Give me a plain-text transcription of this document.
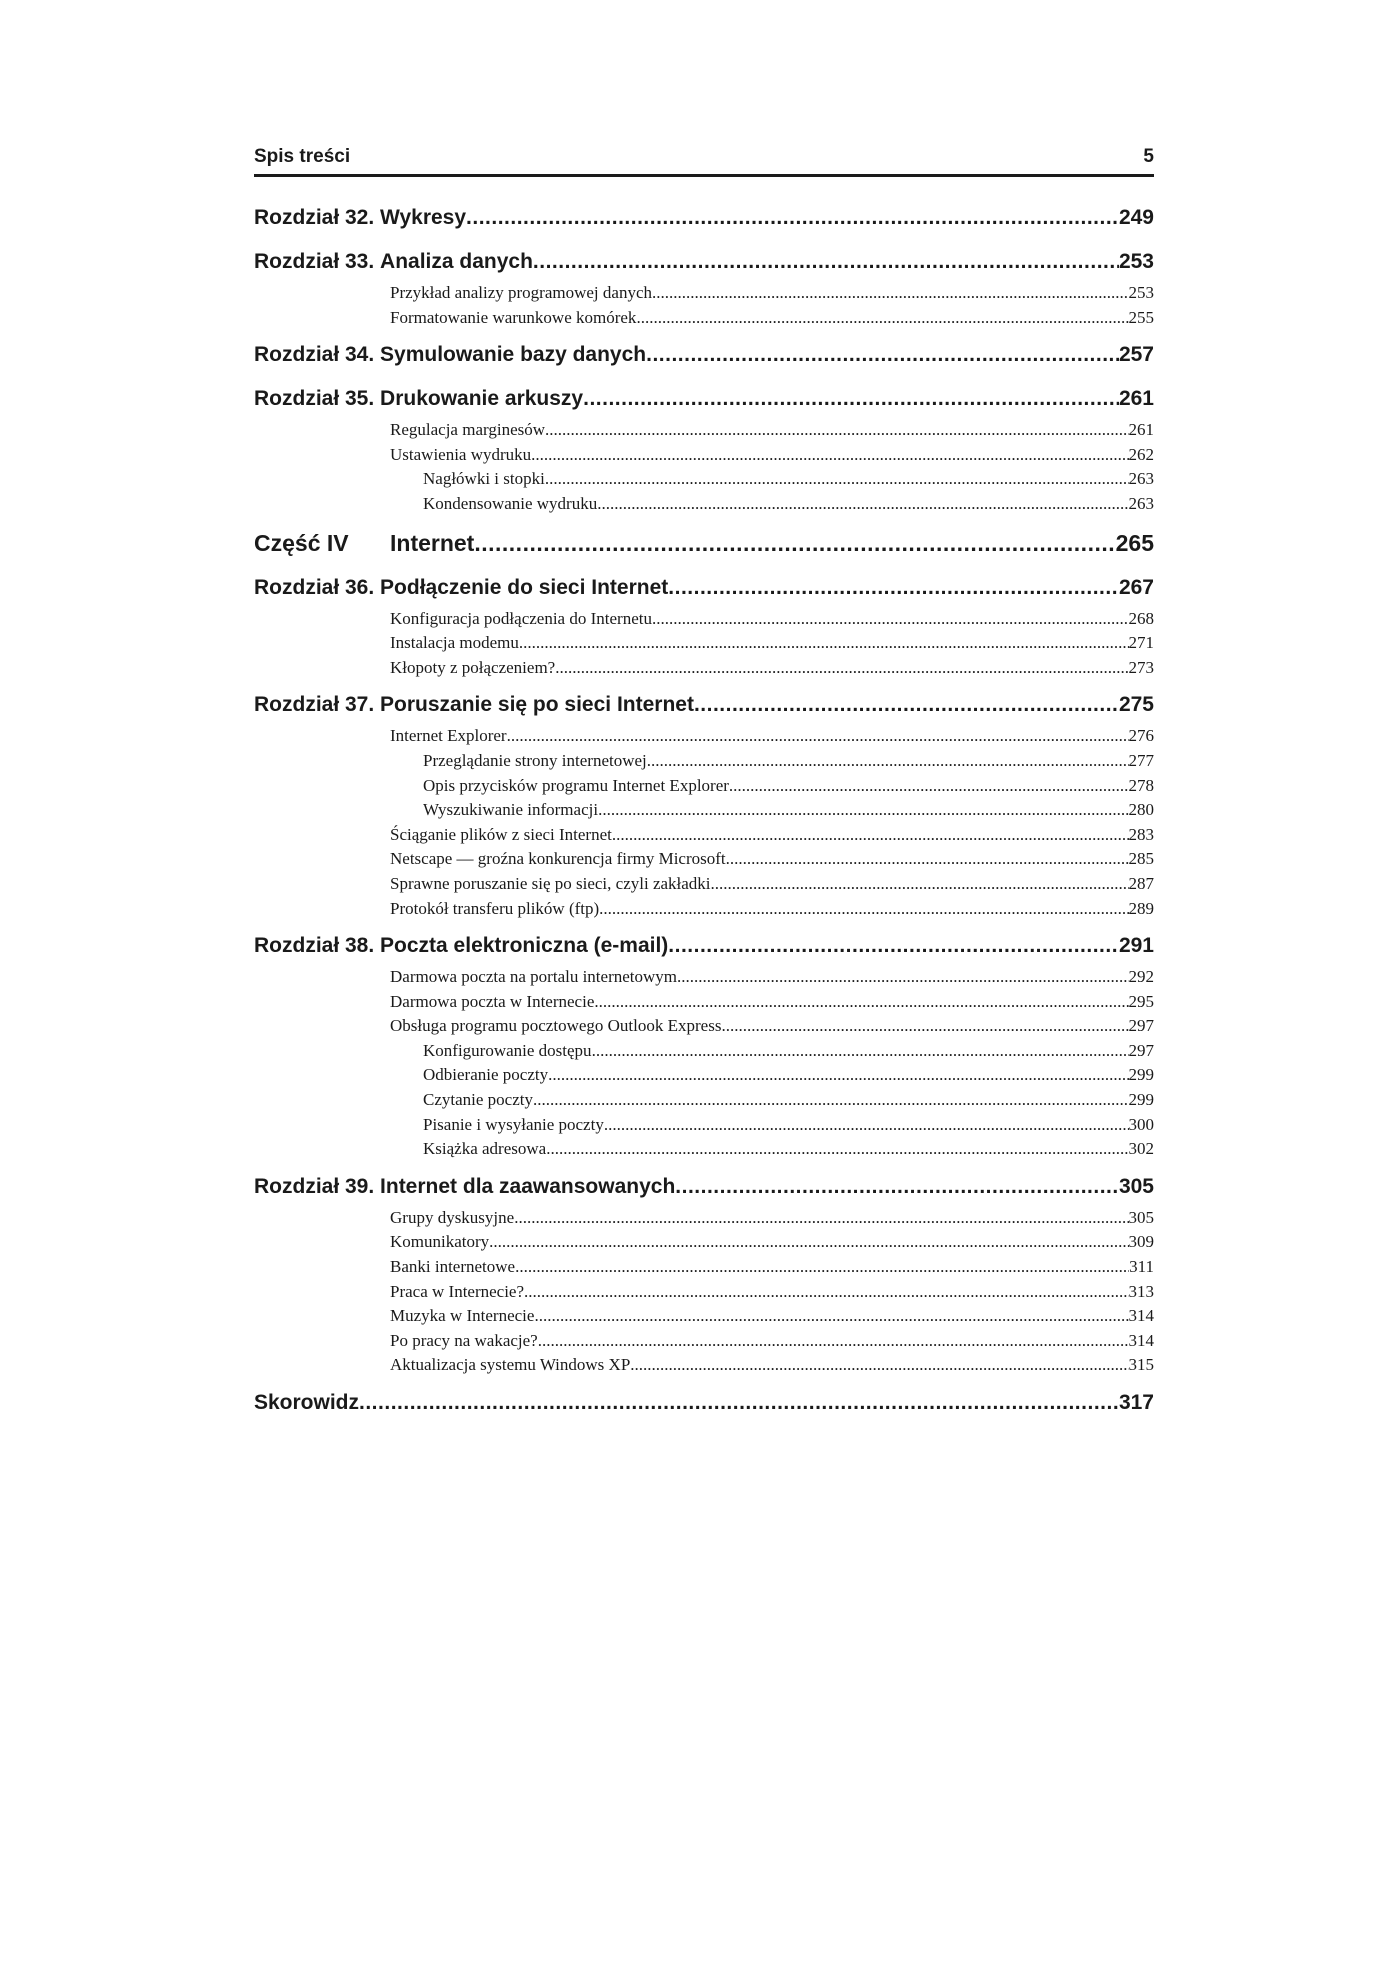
Spis treści	5
Rozdział 32. Wykresy .....	249
Rozdział 33. Analiza danych .....	253
Przykład analizy programowej danych .....	253
Formatowanie warunkowe komórek .....	255
Rozdział 34. Symulowanie bazy danych .....	257
Rozdział 35. Drukowanie arkuszy .....	261
Regulacja marginesów .....	261
Ustawienia wydruku .....	262
Nagłówki i stopki .....	263
Kondensowanie wydruku .....	263
Część IV	Internet .....	265
Rozdział 36. Podłączenie do sieci Internet .....	267
Konfiguracja podłączenia do Internetu .....	268
Instalacja modemu .....	271
Kłopoty z połączeniem? .....	273
Rozdział 37. Poruszanie się po sieci Internet .....	275
Internet Explorer .....	276
Przeglądanie strony internetowej .....	277
Opis przycisków programu Internet Explorer .....	278
Wyszukiwanie informacji .....	280
Ściąganie plików z sieci Internet .....	283
Netscape — groźna konkurencja firmy Microsoft .....	285
Sprawne poruszanie się po sieci, czyli zakładki .....	287
Protokół transferu plików (ftp) .....	289
Rozdział 38. Poczta elektroniczna (e-mail) .....	291
Darmowa poczta na portalu internetowym .....	292
Darmowa poczta w Internecie .....	295
Obsługa programu pocztowego Outlook Express .....	297
Konfigurowanie dostępu .....	297
Odbieranie poczty .....	299
Czytanie poczty .....	299
Pisanie i wysyłanie poczty .....	300
Książka adresowa .....	302
Rozdział 39. Internet dla zaawansowanych .....	305
Grupy dyskusyjne .....	305
Komunikatory .....	309
Banki internetowe .....	311
Praca w Internecie? .....	313
Muzyka w Internecie .....	314
Po pracy na wakacje? .....	314
Aktualizacja systemu Windows XP .....	315
Skorowidz .....	317
